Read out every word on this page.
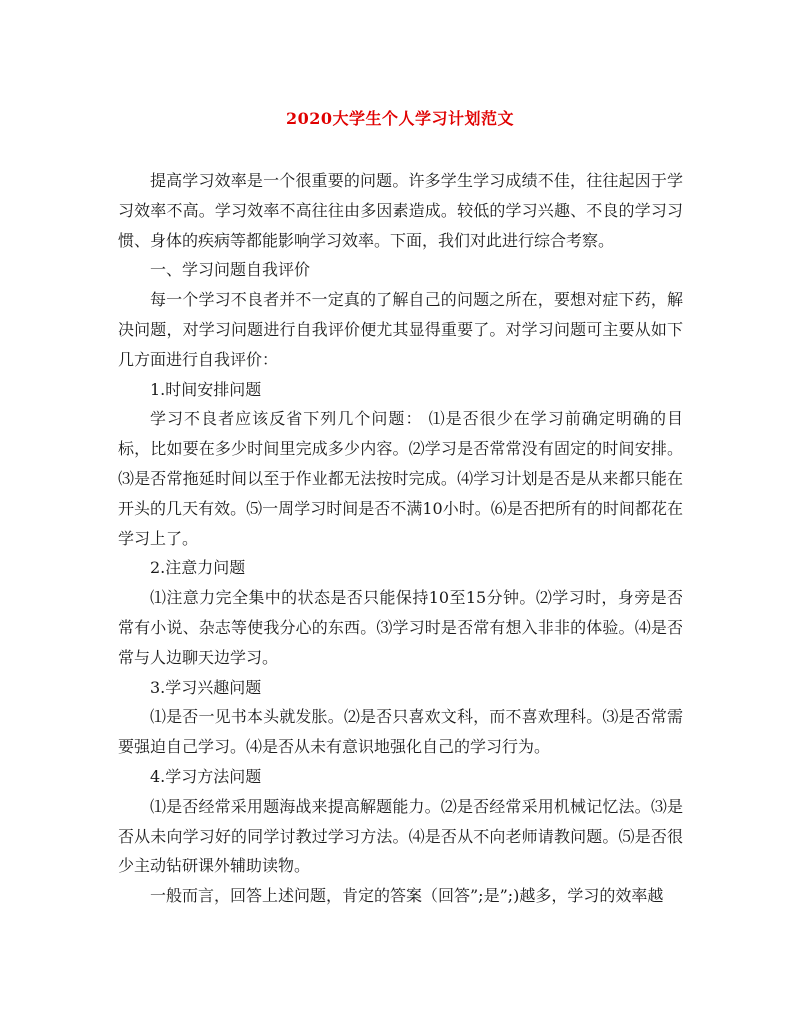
2020大学生个人学习计划范文

提高学习效率是一个很重要的问题。许多学生学习成绩不佳，往往起因于学习效率不高。学习效率不高往往由多因素造成。较低的学习兴趣、不良的学习习惯、身体的疾病等都能影响学习效率。下面，我们对此进行综合考察。

一、学习问题自我评价

每一个学习不良者并不一定真的了解自己的问题之所在，要想对症下药，解决问题，对学习问题进行自我评价便尤其显得重要了。对学习问题可主要从如下几方面进行自我评价：

1.时间安排问题

学习不良者应该反省下列几个问题： ⑴是否很少在学习前确定明确的目标，比如要在多少时间里完成多少内容。⑵学习是否常常没有固定的时间安排。⑶是否常拖延时间以至于作业都无法按时完成。⑷学习计划是否是从来都只能在开头的几天有效。⑸一周学习时间是否不满10小时。⑹是否把所有的时间都花在学习上了。

2.注意力问题

⑴注意力完全集中的状态是否只能保持10至15分钟。⑵学习时，身旁是否常有小说、杂志等使我分心的东西。⑶学习时是否常有想入非非的体验。⑷是否常与人边聊天边学习。

3.学习兴趣问题

⑴是否一见书本头就发胀。⑵是否只喜欢文科，而不喜欢理科。⑶是否常需要强迫自己学习。⑷是否从未有意识地强化自己的学习行为。

4.学习方法问题

⑴是否经常采用题海战来提高解题能力。⑵是否经常采用机械记忆法。⑶是否从未向学习好的同学讨教过学习方法。⑷是否从不向老师请教问题。⑸是否很少主动钻研课外辅助读物。

一般而言，回答上述问题，肯定的答案（回答”;是”;)越多，学习的效率越
